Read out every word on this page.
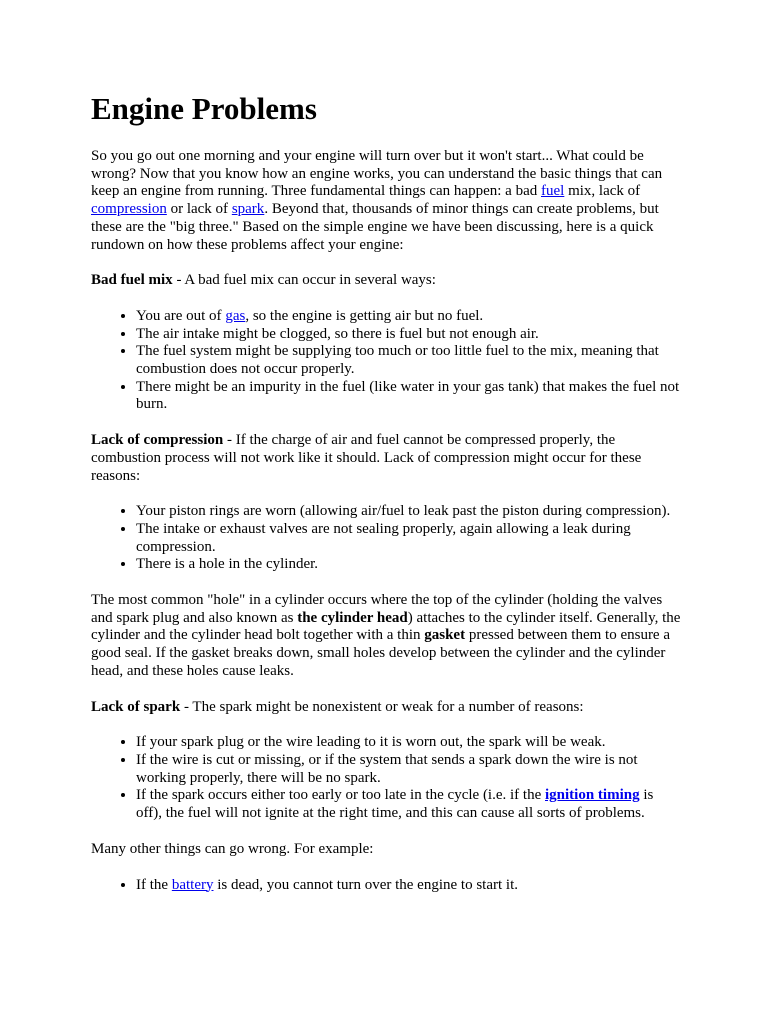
Engine Problems

So you go out one morning and your engine will turn over but it won't start... What could be wrong? Now that you know how an engine works, you can understand the basic things that can keep an engine from running. Three fundamental things can happen: a bad fuel mix, lack of compression or lack of spark. Beyond that, thousands of minor things can create problems, but these are the "big three." Based on the simple engine we have been discussing, here is a quick rundown on how these problems affect your engine:

Bad fuel mix - A bad fuel mix can occur in several ways:

• You are out of gas, so the engine is getting air but no fuel.
• The air intake might be clogged, so there is fuel but not enough air.
• The fuel system might be supplying too much or too little fuel to the mix, meaning that combustion does not occur properly.
• There might be an impurity in the fuel (like water in your gas tank) that makes the fuel not burn.

Lack of compression - If the charge of air and fuel cannot be compressed properly, the combustion process will not work like it should. Lack of compression might occur for these reasons:

• Your piston rings are worn (allowing air/fuel to leak past the piston during compression).
• The intake or exhaust valves are not sealing properly, again allowing a leak during compression.
• There is a hole in the cylinder.

The most common "hole" in a cylinder occurs where the top of the cylinder (holding the valves and spark plug and also known as the cylinder head) attaches to the cylinder itself. Generally, the cylinder and the cylinder head bolt together with a thin gasket pressed between them to ensure a good seal. If the gasket breaks down, small holes develop between the cylinder and the cylinder head, and these holes cause leaks.

Lack of spark - The spark might be nonexistent or weak for a number of reasons:

• If your spark plug or the wire leading to it is worn out, the spark will be weak.
• If the wire is cut or missing, or if the system that sends a spark down the wire is not working properly, there will be no spark.
• If the spark occurs either too early or too late in the cycle (i.e. if the ignition timing is off), the fuel will not ignite at the right time, and this can cause all sorts of problems.

Many other things can go wrong. For example:

• If the battery is dead, you cannot turn over the engine to start it.
